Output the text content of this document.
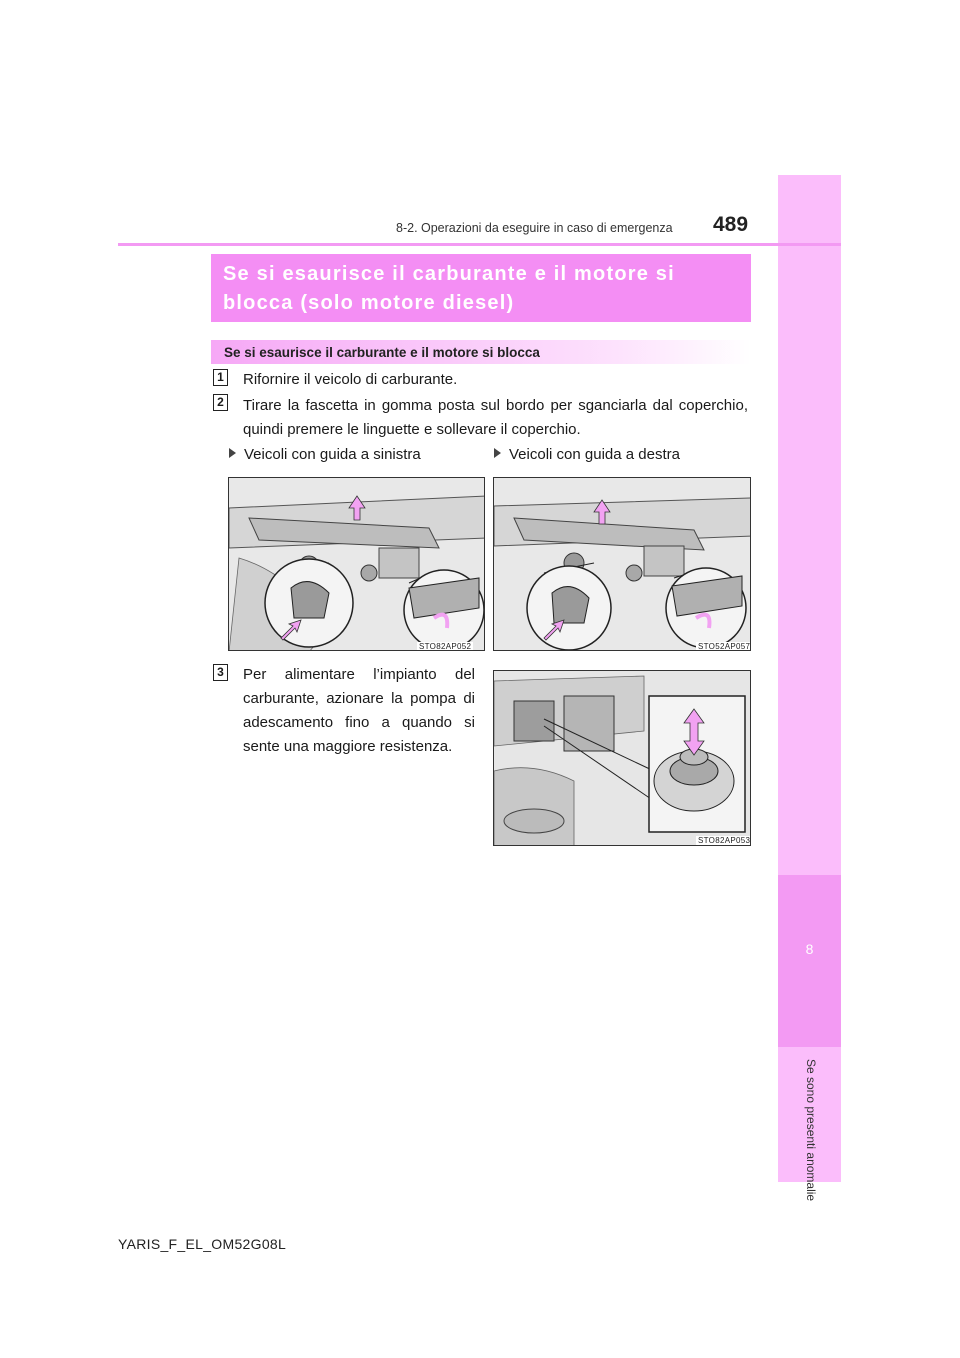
8
Se sono presenti anomalie
8-2. Operazioni da eseguire in caso di emergenza 489
Se si esaurisce il carburante e il motore si
blocca (solo motore diesel)
Se si esaurisce il carburante e il motore si blocca
1 Rifornire il veicolo di carburante.
2 Tirare la fascetta in gomma posta sul bordo per sganciarla dal coperchio,
quindi premere le linguette e sollevare il coperchio.
Veicoli con guida a sinistra	Veicoli con guida a destra
STO82AP052	STO52AP057
3 Per alimentare l’impianto del
carburante, azionare la pompa di
adescamento fino a quando si
sente una maggiore resistenza.
STO82AP053
YARIS_F_EL_OM52G08L
